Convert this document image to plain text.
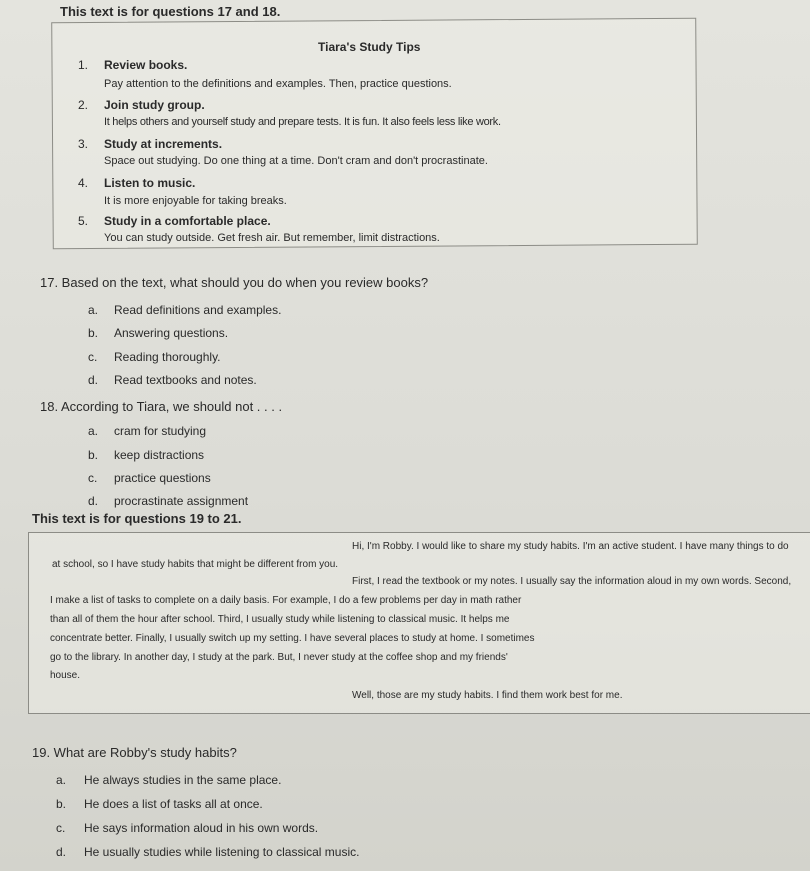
This text is for questions 17 and 18.
Tiara's Study Tips
1. Review books.
Pay attention to the definitions and examples. Then, practice questions.
2. Join study group.
It helps others and yourself study and prepare tests. It is fun. It also feels less like work.
3. Study at increments.
Space out studying. Do one thing at a time. Don't cram and don't procrastinate.
4. Listen to music.
It is more enjoyable for taking breaks.
5. Study in a comfortable place.
You can study outside. Get fresh air. But remember, limit distractions.
17. Based on the text, what should you do when you review books?
a. Read definitions and examples.
b. Answering questions.
c. Reading thoroughly.
d. Read textbooks and notes.
18. According to Tiara, we should not . . . .
a. cram for studying
b. keep distractions
c. practice questions
d. procrastinate assignment
This text is for questions 19 to 21.
Hi, I'm Robby. I would like to share my study habits. I'm an active student. I have many things to do
at school, so I have study habits that might be different from you.
First, I read the textbook or my notes. I usually say the information aloud in my own words. Second,
I make a list of tasks to complete on a daily basis. For example, I do a few problems per day in math rather
than all of them the hour after school. Third, I usually study while listening to classical music. It helps me
concentrate better. Finally, I usually switch up my setting. I have several places to study at home. I sometimes
go to the library. In another day, I study at the park. But, I never study at the coffee shop and my friends'
house.
Well, those are my study habits. I find them work best for me.
19. What are Robby's study habits?
a. He always studies in the same place.
b. He does a list of tasks all at once.
c. He says information aloud in his own words.
d. He usually studies while listening to classical music.
